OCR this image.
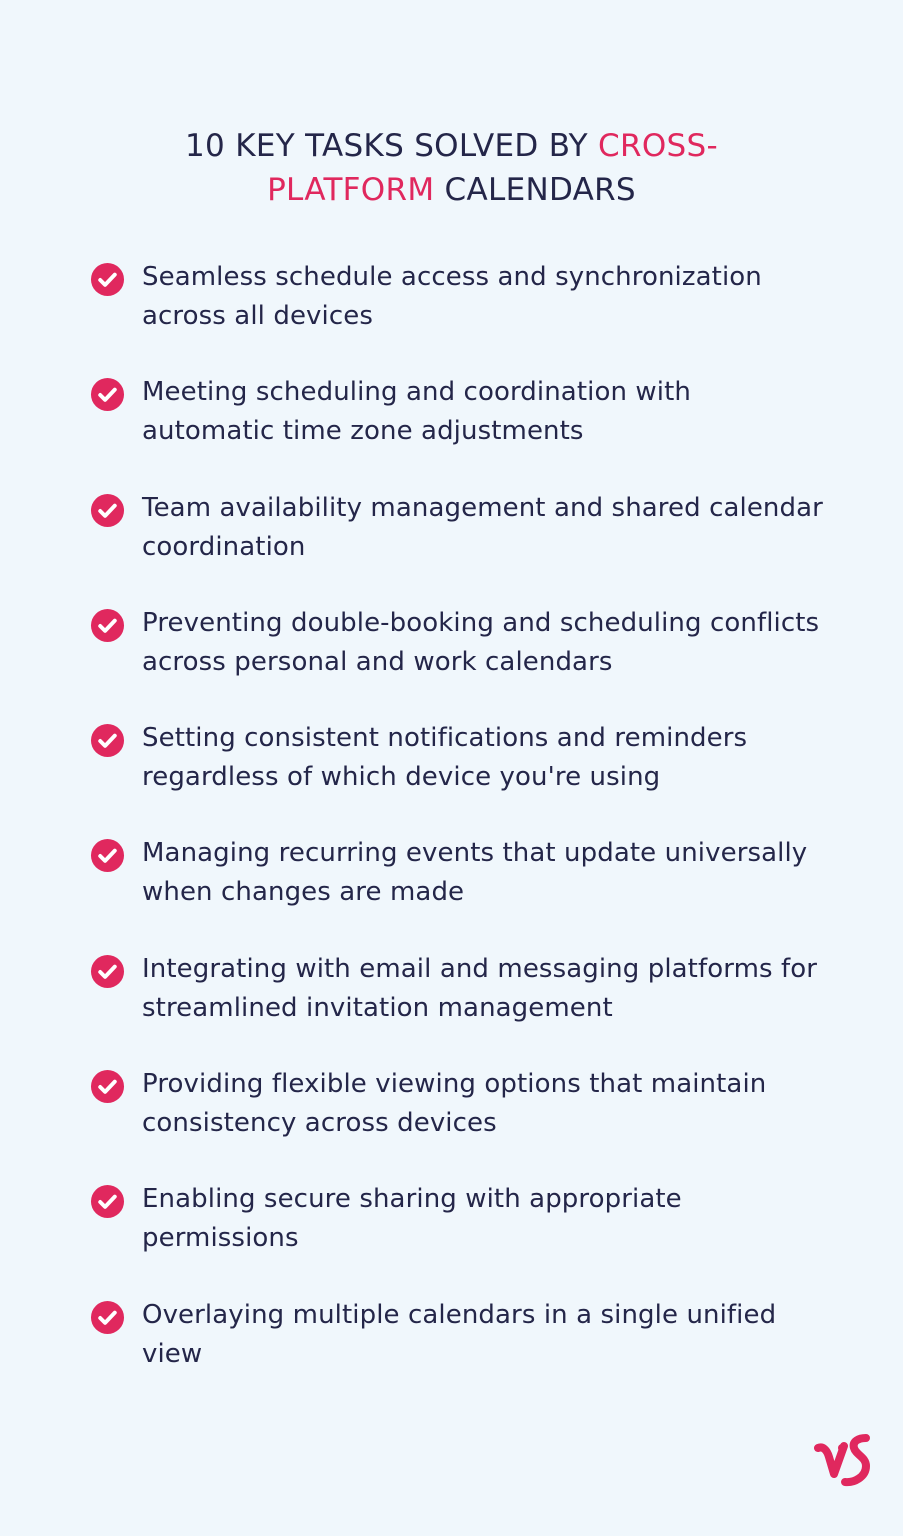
10 KEY TASKS SOLVED BY CROSS-
PLATFORM CALENDARS
Seamless schedule access and synchronization across all devices
Meeting scheduling and coordination with automatic time zone adjustments
Team availability management and shared calendar coordination
Preventing double-booking and scheduling conflicts across personal and work calendars
Setting consistent notifications and reminders regardless of which device you're using
Managing recurring events that update universally when changes are made
Integrating with email and messaging platforms for streamlined invitation management
Providing flexible viewing options that maintain consistency across devices
Enabling secure sharing with appropriate permissions
Overlaying multiple calendars in a single unified view
